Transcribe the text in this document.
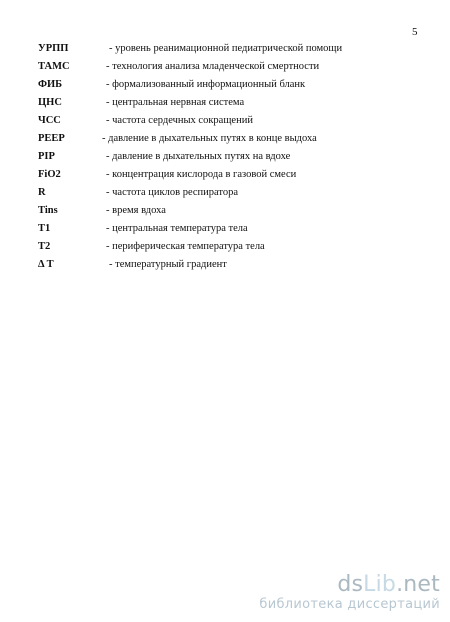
5
УРПП	- уровень реанимационной педиатрической помощи
ТАМС	- технология анализа младенческой смертности
ФИБ	- формализованный информационный бланк
ЦНС	- центральная нервная система
ЧСС	- частота сердечных сокращений
PEEP	- давление в дыхательных путях в конце выдоха
PIP	- давление в дыхательных путях на вдохе
FiO2	- концентрация кислорода в газовой смеси
R	- частота циклов респиратора
Tins	- время вдоха
T1	- центральная температура тела
T2	- периферическая температура тела
Δ T	- температурный градиент
dsLib.net
библиотека диссертаций
